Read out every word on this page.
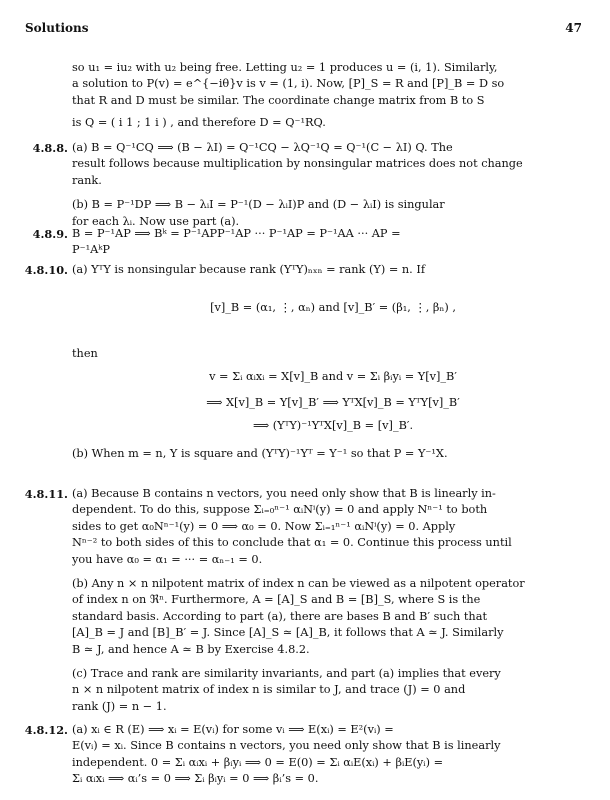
Solutions	47

so u₁ = iu₂ with u₂ being free. Letting u₂ = 1 produces u = (i, 1). Similarly,

a solution to P(v) = e^{−iθ}v is v = (1, i). Now, [P]_S = R and [P]_B = D so

that R and D must be similar. The coordinate change matrix from B to S

is Q = ( i 1 ; 1 i ) , and therefore D = Q⁻¹RQ.

4.8.8. (a) B = Q⁻¹CQ ⟹ (B − λI) = Q⁻¹CQ − λQ⁻¹Q = Q⁻¹(C − λI) Q. The

result follows because multiplication by nonsingular matrices does not change

rank.

(b) B = P⁻¹DP ⟹ B − λᵢI = P⁻¹(D − λᵢI)P and (D − λᵢI) is singular

for each λᵢ. Now use part (a).

4.8.9. B = P⁻¹AP ⟹ Bᵏ = P⁻¹APP⁻¹AP ··· P⁻¹AP = P⁻¹AA ··· AP =

P⁻¹AᵏP

4.8.10. (a) YᵀY is nonsingular because rank (YᵀY)ₙₓₙ = rank (Y) = n. If

[v]_B = (α₁, ⋮, αₙ) and [v]_B′ = (β₁, ⋮, βₙ) ,

then

v = Σᵢ αᵢxᵢ = X[v]_B and v = Σᵢ βᵢyᵢ = Y[v]_B′

⟹ X[v]_B = Y[v]_B′ ⟹ YᵀX[v]_B = YᵀY[v]_B′

⟹ (YᵀY)⁻¹YᵀX[v]_B = [v]_B′.

(b) When m = n, Y is square and (YᵀY)⁻¹Yᵀ = Y⁻¹ so that P = Y⁻¹X.

4.8.11. (a) Because B contains n vectors, you need only show that B is linearly in-

dependent. To do this, suppose Σᵢ₌₀ⁿ⁻¹ αᵢNⁱ(y) = 0 and apply Nⁿ⁻¹ to both

sides to get α₀Nⁿ⁻¹(y) = 0 ⟹ α₀ = 0. Now Σᵢ₌₁ⁿ⁻¹ αᵢNⁱ(y) = 0. Apply

Nⁿ⁻² to both sides of this to conclude that α₁ = 0. Continue this process until

you have α₀ = α₁ = ··· = αₙ₋₁ = 0.

(b) Any n × n nilpotent matrix of index n can be viewed as a nilpotent operator

of index n on ℜⁿ. Furthermore, A = [A]_S and B = [B]_S, where S is the

standard basis. According to part (a), there are bases B and B′ such that

[A]_B = J and [B]_B′ = J. Since [A]_S ≃ [A]_B, it follows that A ≃ J. Similarly

B ≃ J, and hence A ≃ B by Exercise 4.8.2.

(c) Trace and rank are similarity invariants, and part (a) implies that every

n × n nilpotent matrix of index n is similar to J, and trace (J) = 0 and

rank (J) = n − 1.

4.8.12. (a) xᵢ ∈ R (E) ⟹ xᵢ = E(vᵢ) for some vᵢ ⟹ E(xᵢ) = E²(vᵢ) =

E(vᵢ) = xᵢ. Since B contains n vectors, you need only show that B is linearly

independent. 0 = Σᵢ αᵢxᵢ + βᵢyᵢ ⟹ 0 = E(0) = Σᵢ αᵢE(xᵢ) + βᵢE(yᵢ) =

Σᵢ αᵢxᵢ ⟹ αᵢ’s = 0 ⟹ Σᵢ βᵢyᵢ = 0 ⟹ βᵢ’s = 0.
